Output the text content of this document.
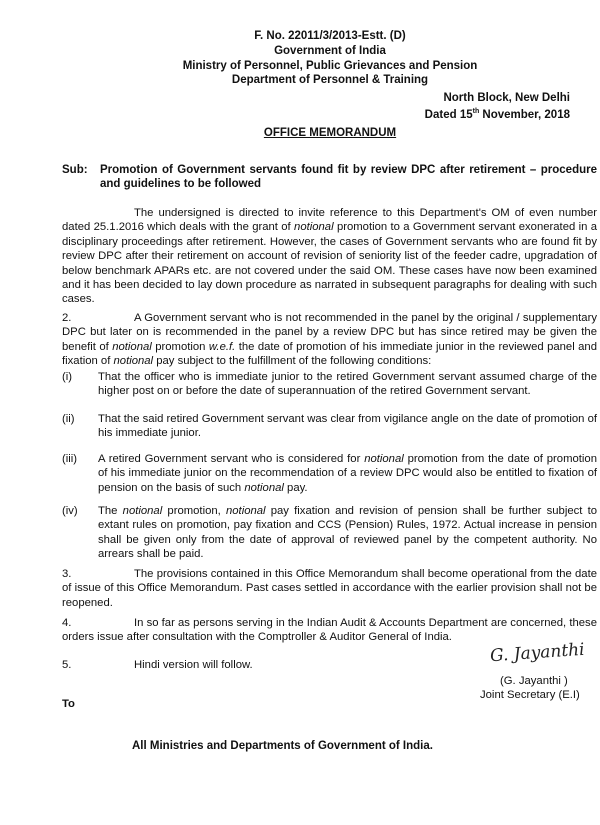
F. No. 22011/3/2013-Estt. (D)
Government of India
Ministry of Personnel, Public Grievances and Pension
Department of Personnel & Training
North Block, New Delhi
Dated 15th November, 2018
OFFICE MEMORANDUM
Sub: Promotion of Government servants found fit by review DPC after retirement – procedure and guidelines to be followed
The undersigned is directed to invite reference to this Department's OM of even number dated 25.1.2016 which deals with the grant of notional promotion to a Government servant exonerated in a disciplinary proceedings after retirement. However, the cases of Government servants who are found fit by review DPC after their retirement on account of revision of seniority list of the feeder cadre, upgradation of below benchmark APARs etc. are not covered under the said OM. These cases have now been examined and it has been decided to lay down procedure as narrated in subsequent paragraphs for dealing with such cases.
2.	A Government servant who is not recommended in the panel by the original / supplementary DPC but later on is recommended in the panel by a review DPC but has since retired may be given the benefit of notional promotion w.e.f. the date of promotion of his immediate junior in the reviewed panel and fixation of notional pay subject to the fulfillment of the following conditions:
(i) That the officer who is immediate junior to the retired Government servant assumed charge of the higher post on or before the date of superannuation of the retired Government servant.
(ii) That the said retired Government servant was clear from vigilance angle on the date of promotion of his immediate junior.
(iii) A retired Government servant who is considered for notional promotion from the date of promotion of his immediate junior on the recommendation of a review DPC would also be entitled to fixation of pension on the basis of such notional pay.
(iv) The notional promotion, notional pay fixation and revision of pension shall be further subject to extant rules on promotion, pay fixation and CCS (Pension) Rules, 1972. Actual increase in pension shall be given only from the date of approval of reviewed panel by the competent authority. No arrears shall be paid.
3.	The provisions contained in this Office Memorandum shall become operational from the date of issue of this Office Memorandum. Past cases settled in accordance with the earlier provision shall not be reopened.
4.	In so far as persons serving in the Indian Audit & Accounts Department are concerned, these orders issue after consultation with the Comptroller & Auditor General of India.
5.	Hindi version will follow.	G. Jayanthi
(G. Jayanthi )
Joint Secretary (E.I)
To
All Ministries and Departments of Government of India.
